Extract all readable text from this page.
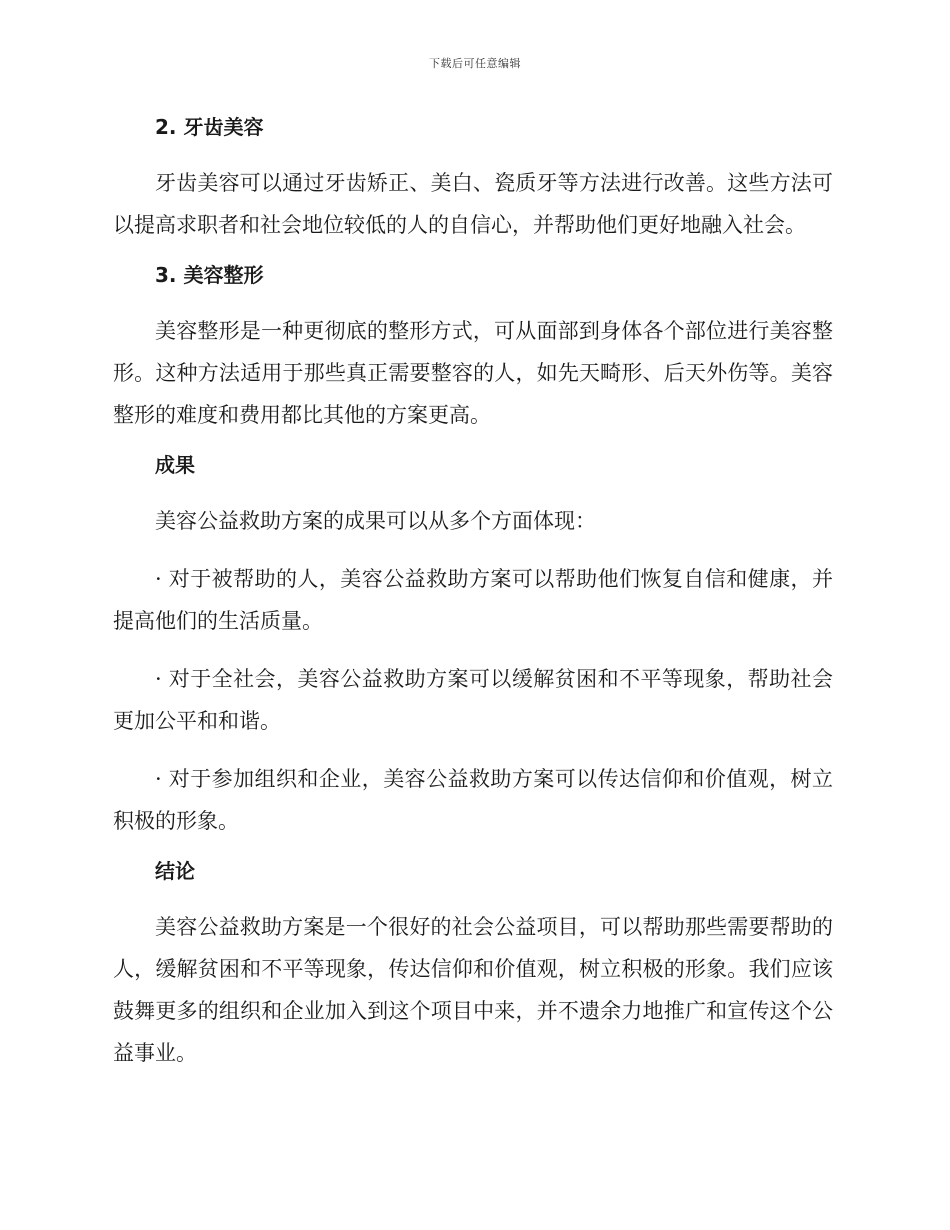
下载后可任意编辑
2. 牙齿美容

牙齿美容可以通过牙齿矫正、美白、瓷质牙等方法进行改善。这些方法可以提高求职者和社会地位较低的人的自信心，并帮助他们更好地融入社会。

3. 美容整形

美容整形是一种更彻底的整形方式，可从面部到身体各个部位进行美容整形。这种方法适用于那些真正需要整容的人，如先天畸形、后天外伤等。美容整形的难度和费用都比其他的方案更高。

成果

美容公益救助方案的成果可以从多个方面体现：

· 对于被帮助的人，美容公益救助方案可以帮助他们恢复自信和健康，并提高他们的生活质量。

· 对于全社会，美容公益救助方案可以缓解贫困和不平等现象，帮助社会更加公平和和谐。

· 对于参加组织和企业，美容公益救助方案可以传达信仰和价值观，树立积极的形象。

结论

美容公益救助方案是一个很好的社会公益项目，可以帮助那些需要帮助的人，缓解贫困和不平等现象，传达信仰和价值观，树立积极的形象。我们应该鼓舞更多的组织和企业加入到这个项目中来，并不遗余力地推广和宣传这个公益事业。
